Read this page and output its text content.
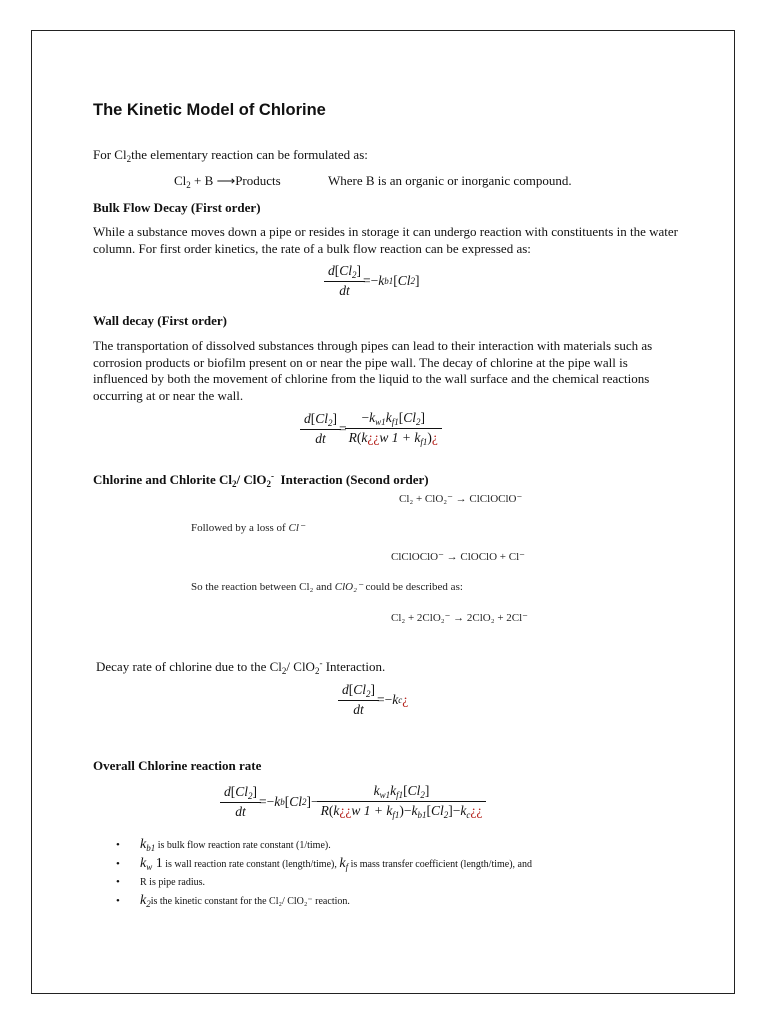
The Kinetic Model of Chlorine
For $Cl_2the$ elementary reaction can be formulated as:
$Cl_2 + B$ ⟶Products	Where B is an organic or inorganic compound.
Bulk Flow Decay (First order)
While a substance moves down a pipe or resides in storage it can undergo reaction with constituents in the water column. For first order kinetics, the rate of a bulk flow reaction can be expressed as:
$\frac{d[Cl_2]}{dt}$ = − k b1 [ Cl 2 ]
Wall decay (First order)
The transportation of dissolved substances through pipes can lead to their interaction with materials such as corrosion products or biofilm present on or near the pipe wall. The decay of chlorine at the pipe wall is influenced by both the movement of chlorine from the liquid to the wall surface and the chemical reactions occurring at or near the wall.
$\frac{d[Cl_2]}{dt} = \frac{-k_{w1}k_{f1}[Cl_2]}{R(k¿¿w 1 + k_{f1})¿}$
Chlorine and Chlorite $Cl_2/$ ClO$_2$-  Interaction (Second order)
Cl₂ + ClO₂⁻ → ClClOClO⁻
Followed by a loss of Cl⁻
ClClOClO⁻ → ClOClO + Cl⁻
So the reaction between Cl₂ and ClO₂⁻ could be described as:
Cl₂ + 2ClO₂⁻ → 2ClO₂ + 2Cl⁻
Decay rate of chlorine due to the $Cl_2/$ ClO$_2$- Interaction.
$\frac{d[Cl_2]}{dt}$ = − k c ¿
Overall Chlorine reaction rate
$\frac{d[Cl_2]}{dt}$ = − k b [ Cl 2 ] − $\frac{k_{w1}k_{f1}[Cl_2]}{R(k¿¿w 1 + k_{f1})-k_{b1}[Cl_2]-k_c¿¿}$
• $k_{b1}$ is bulk flow reaction rate constant (1/time).
• $k_w$ 1 is wall reaction rate constant (length/time), $k_f$ is mass transfer coefficient (length/time), and
• R is pipe radius.
• $k_2is$ the kinetic constant for the Cl₂/ ClO₂⁻ reaction.
